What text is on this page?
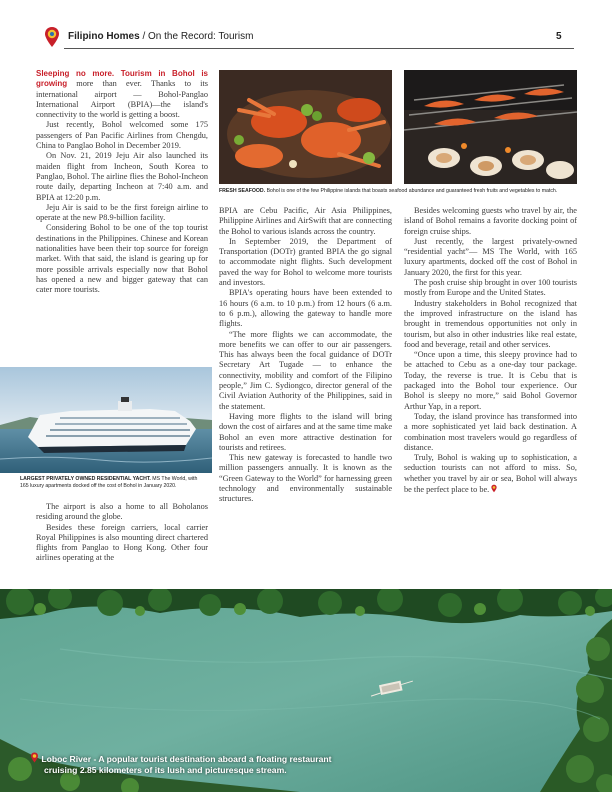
Filipino Homes / On the Record: Tourism	5

Sleeping no more. Tourism in Bohol is growing more than ever. Thanks to its international airport — Bohol-Panglao International Airport (BPIA)—the island's connectivity to the world is getting a boost.

Just recently, Bohol welcomed some 175 passengers of Pan Pacific Airlines from Chengdu, China to Panglao Bohol in December 2019.

On Nov. 21, 2019 Jeju Air also launched its maiden flight from Incheon, South Korea to Panglao, Bohol. The airline flies the Bohol-Incheon route daily, departing Incheon at 7:40 a.m. and BPIA at 12:20 p.m.

Jeju Air is said to be the first foreign airline to operate at the new P8.9-billion facility.

Considering Bohol to be one of the top tourist destinations in the Philippines. Chinese and Korean nationalities have been their top source for foreign market. With that said, the island is gearing up for more possible arrivals especially now that Bohol has opened a new and bigger gateway that can cater more tourists.

LARGEST PRIVATELY OWNED RESIDENTIAL YACHT. MS The World, with 165 luxury apartments docked off the cost of Bohol in January 2020.

The airport is also a home to all Boholanos residing around the globe.

Besides these foreign carriers, local carrier Royal Philippines is also mounting direct chartered flights from Panglao to Hong Kong. Other four airlines operating at the

FRESH SEAFOOD. Bohol is one of the few Philippine islands that boasts seafood abundance and guaranteed fresh fruits and vegetables to match.

BPIA are Cebu Pacific, Air Asia Philippines, Philippine Airlines and AirSwift that are connecting the Bohol to various islands across the country.

In September 2019, the Department of Transportation (DOTr) granted BPIA the go signal to accommodate night flights. Such development paved the way for Bohol to welcome more tourists and investors.

BPIA's operating hours have been extended to 16 hours (6 a.m. to 10 p.m.) from 12 hours (6 a.m. to 6 p.m.), allowing the gateway to handle more flights.

“The more flights we can accommodate, the more benefits we can offer to our air passengers. This has always been the focal guidance of DOTr Secretary Art Tugade — to enhance the connectivity, mobility and comfort of the Filipino people,” Jim C. Sydiongco, director general of the Civil Aviation Authority of the Philippines, said in the statement.

Having more flights to the island will bring down the cost of airfares and at the same time make Bohol an even more attractive destination for tourists and retirees.

This new gateway is forecasted to handle two million passengers annually. It is known as the “Green Gateway to the World” for harnessing green technology and environmentally sustainable structures.

Besides welcoming guests who travel by air, the island of Bohol remains a favorite docking point of foreign cruise ships.

Just recently, the largest privately-owned “residential yacht”— MS The World, with 165 luxury apartments, docked off the cost of Bohol in January 2020, the first for this year.

The posh cruise ship brought in over 100 tourists mostly from Europe and the United States.

Industry stakeholders in Bohol recognized that the improved infrastructure on the island has brought in tremendous opportunities not only in tourism, but also in other industries like real estate, food and beverage, retail and other services.

“Once upon a time, this sleepy province had to be attached to Cebu as a one-day tour package. Today, the reverse is true. It is Cebu that is packaged into the Bohol tour experience. Our Bohol is sleepy no more,” said Bohol Governor Arthur Yap, in a report.

Today, the island province has transformed into a more sophisticated yet laid back destination. A combination most travelers would go regardless of distance.

Truly, Bohol is waking up to sophistication, a seduction tourists can not afford to miss. So, whether you travel by air or sea, Bohol will always be the perfect place to be.

Loboc River - A popular tourist destination aboard a floating restaurant
cruising 2.85 kilometers of its lush and picturesque stream.
